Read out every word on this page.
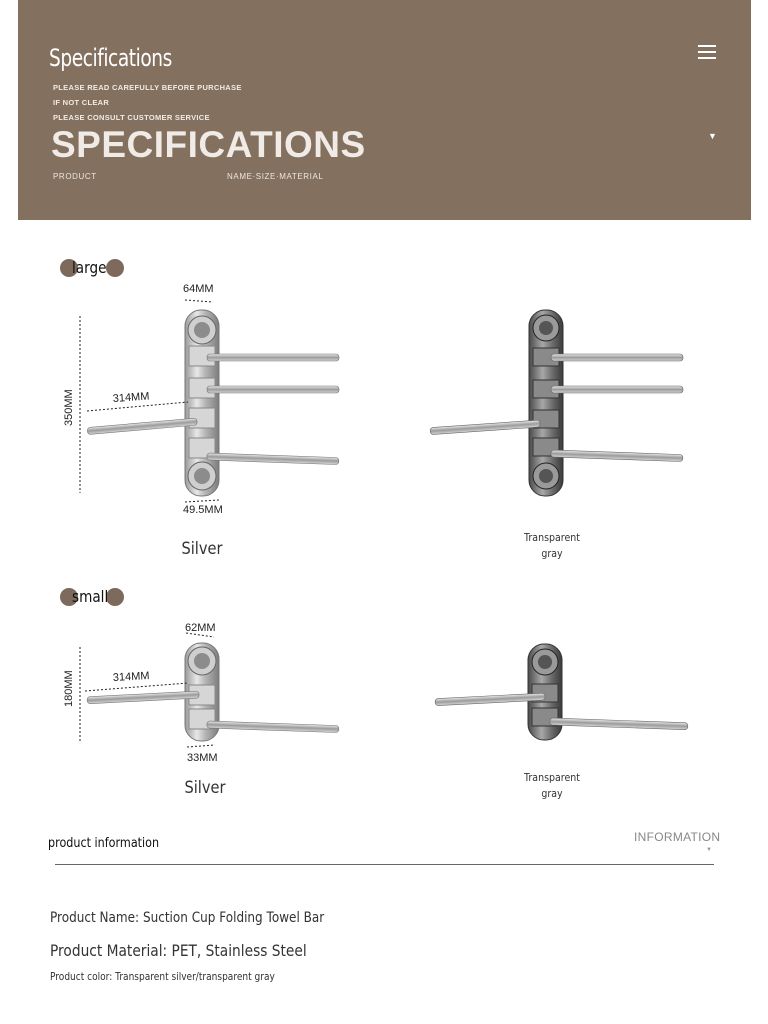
Specifications
PLEASE READ CAREFULLY BEFORE PURCHASE
IF NOT CLEAR
PLEASE CONSULT CUSTOMER SERVICE
SPECIFICATIONS
PRODUCT	NAME·SIZE·MATERIAL
▼
large
64MM
314MM
350MM
49.5MM
Silver
Transparent
gray
small
62MM
314MM
180MM
33MM
Silver
Transparent
gray
product information	INFORMATION
▼
Product Name: Suction Cup Folding Towel Bar
Product Material: PET, Stainless Steel
Product color: Transparent silver/transparent gray
